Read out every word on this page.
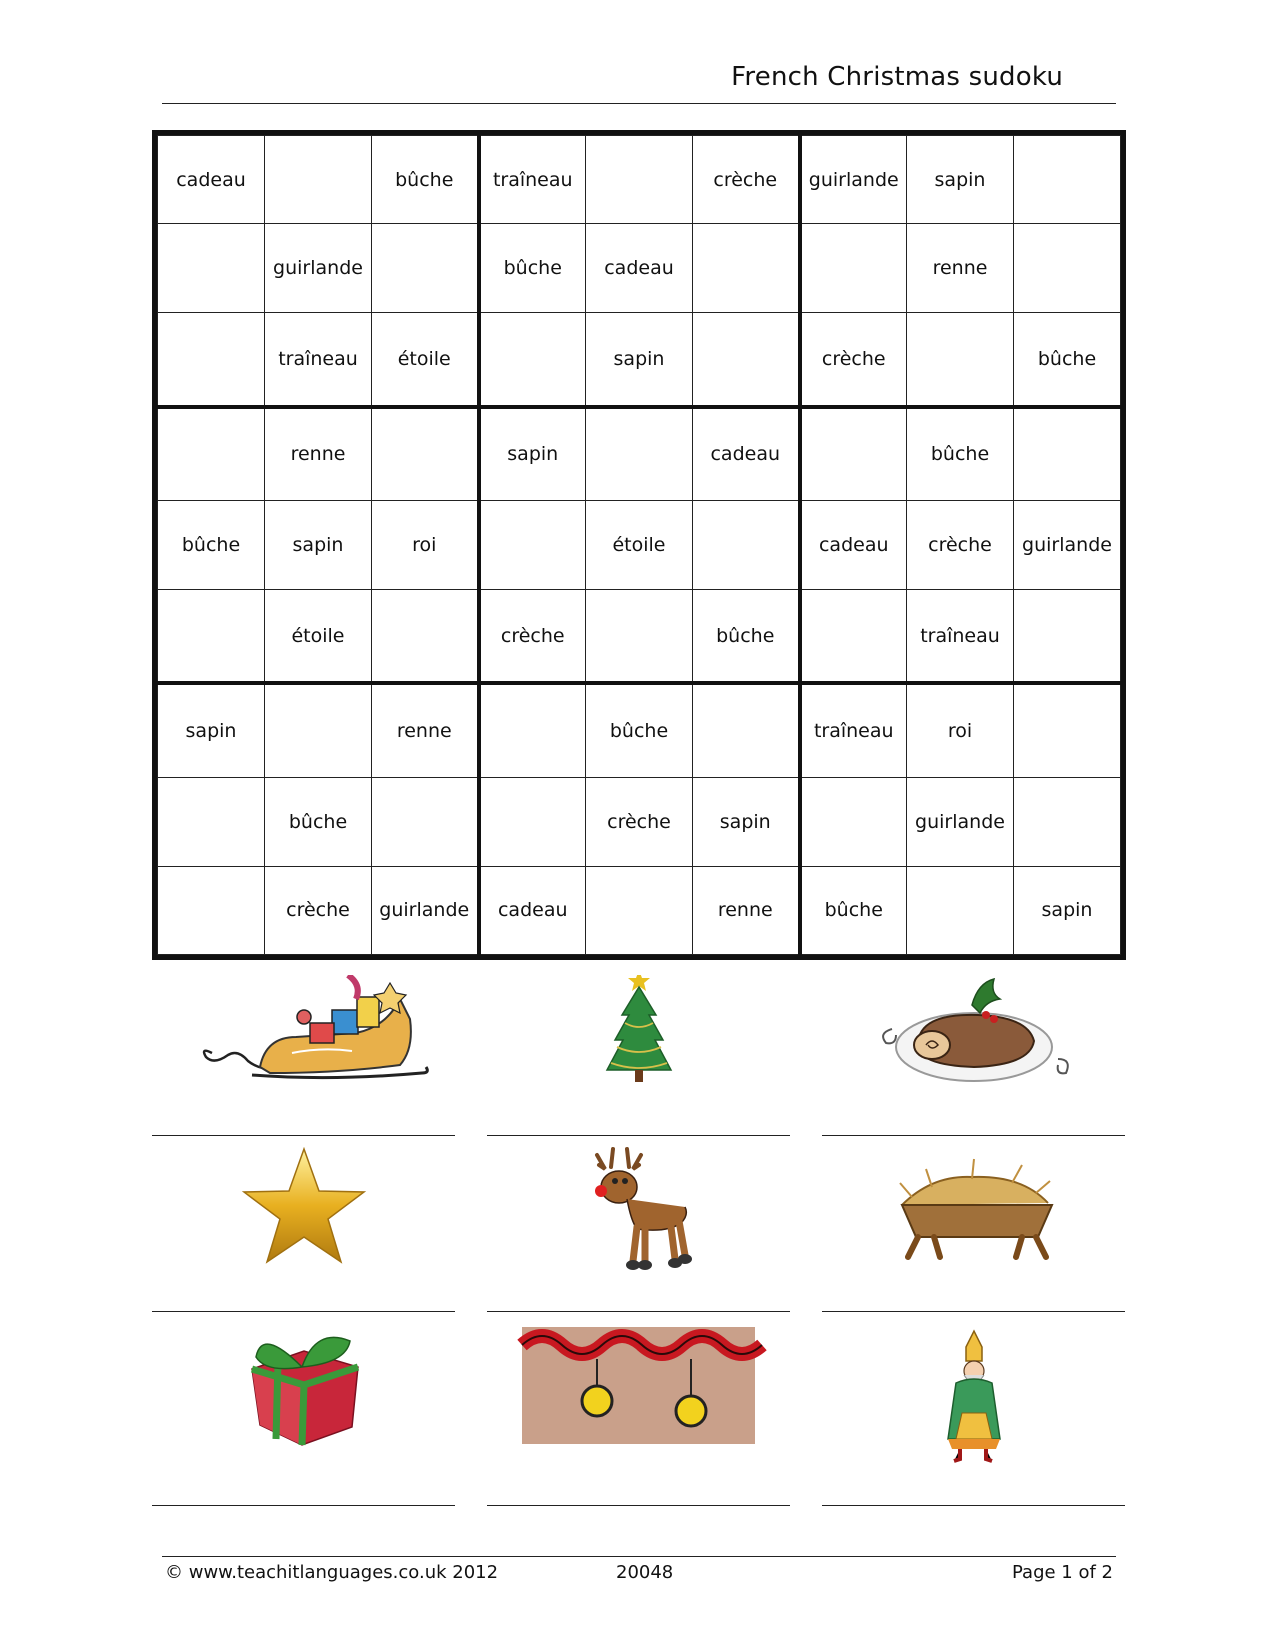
French Christmas sudoku
cadeau		bûche	traîneau		crèche	guirlande	sapin	
	guirlande		bûche	cadeau			renne	
	traîneau	étoile		sapin		crèche		bûche
	renne		sapin		cadeau		bûche	
bûche	sapin	roi		étoile		cadeau	crèche	guirlande
	étoile		crèche		bûche		traîneau	
sapin		renne		bûche		traîneau	roi	
	bûche			crèche	sapin		guirlande	
	crèche	guirlande	cadeau		renne	bûche		sapin
© www.teachitlanguages.co.uk 2012	20048	Page 1 of 2
